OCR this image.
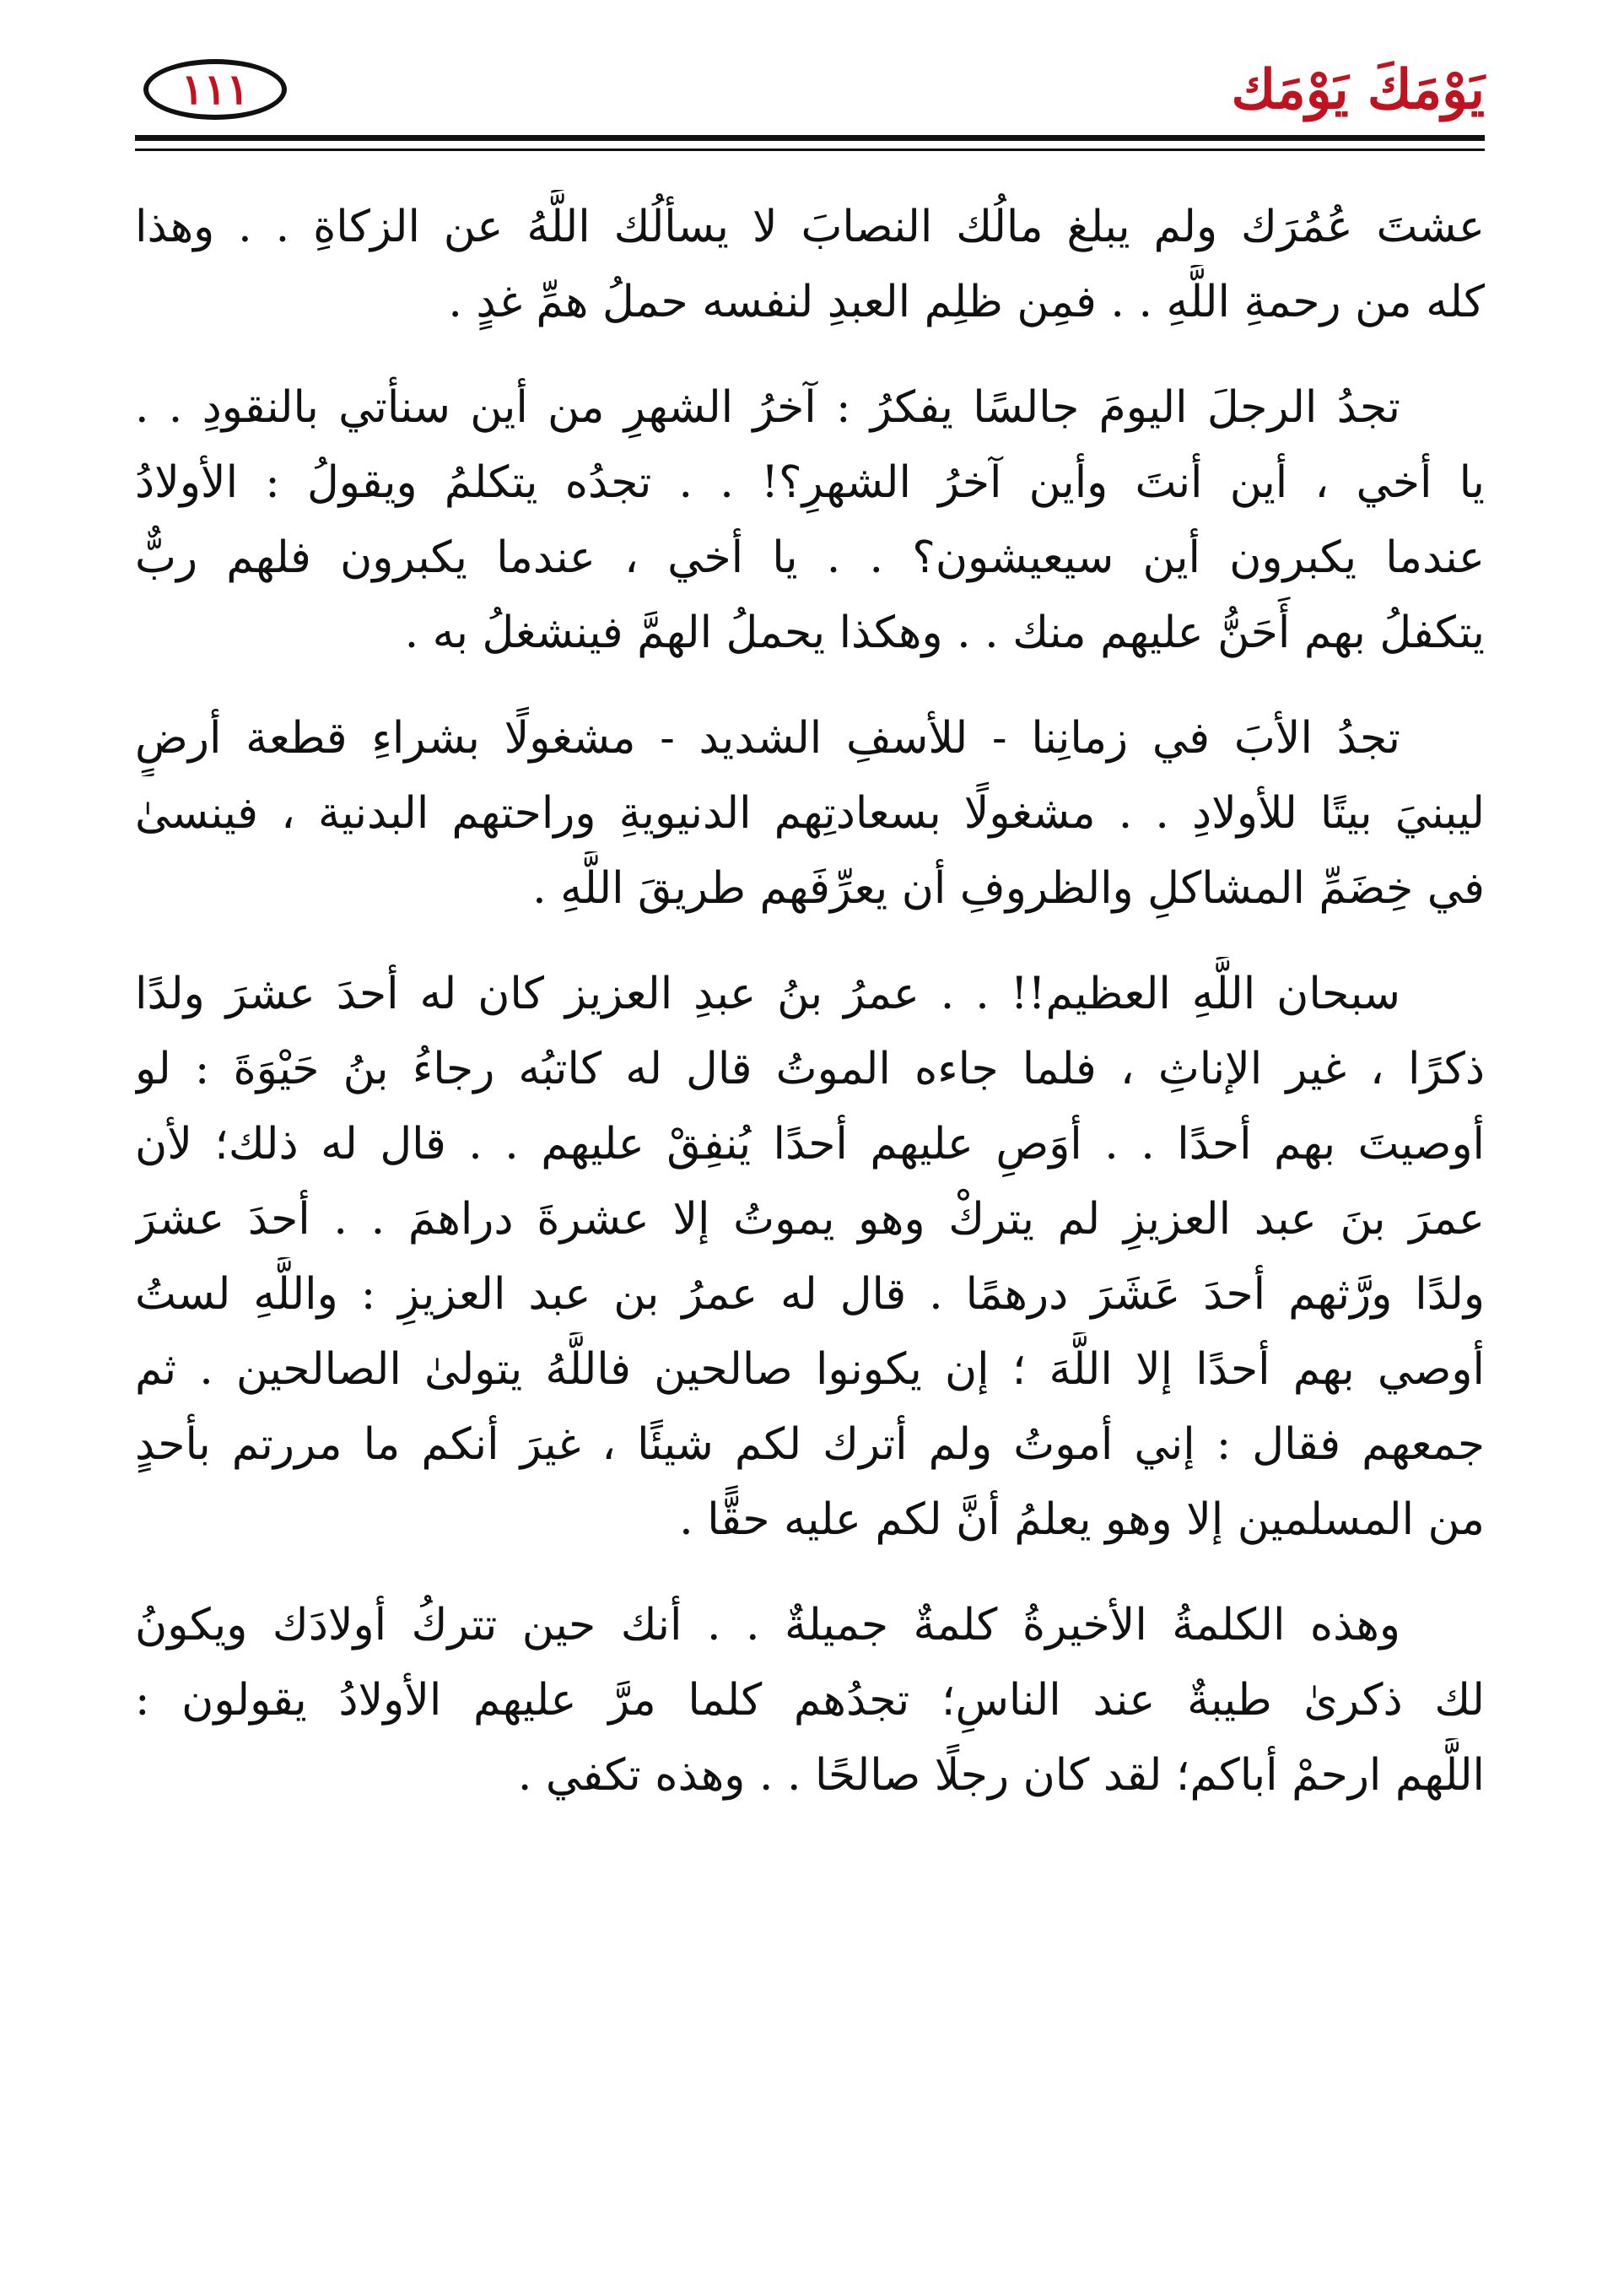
يَوْمَكَ يَوْمَك
١١١

عشتَ عُمُرَك ولم يبلغ مالُك النصابَ لا يسألُك اللَّهُ عن الزكاةِ . . وهذا
كله من رحمةِ اللَّهِ . . فمِن ظلِم العبدِ لنفسه حملُ همِّ غدٍ .

تجدُ الرجلَ اليومَ جالسًا يفكرُ : آخرُ الشهرِ من أين سنأتي بالنقودِ . .
يا أخي ، أين أنتَ وأين آخرُ الشهرِ؟! . . تجدُه يتكلمُ ويقولُ : الأولادُ
عندما يكبرون أين سيعيشون؟ . . يا أخي ، عندما يكبرون فلهم ربٌّ
يتكفلُ بهم أَحَنُّ عليهم منك . . وهكذا يحملُ الهمَّ فينشغلُ به .

تجدُ الأبَ في زمانِنا - للأسفِ الشديد - مشغولًا بشراءِ قطعة أرضٍ
ليبنيَ بيتًا للأولادِ . . مشغولًا بسعادتِهم الدنيويةِ وراحتهم البدنية ، فينسىٰ
في خِضَمِّ المشاكلِ والظروفِ أن يعرِّفَهم طريقَ اللَّهِ .

سبحان اللَّهِ العظيم!! . . عمرُ بنُ عبدِ العزيز كان له أحدَ عشرَ ولدًا
ذكرًا ، غير الإناثِ ، فلما جاءه الموتُ قال له كاتبُه رجاءُ بنُ حَيْوَةَ : لو
أوصيتَ بهم أحدًا . . أوَصِ عليهم أحدًا يُنفِقْ عليهم . . قال له ذلك؛ لأن
عمرَ بنَ عبد العزيزِ لم يتركْ وهو يموتُ إلا عشرةَ دراهمَ . . أحدَ عشرَ
ولدًا ورَّثهم أحدَ عَشَرَ درهمًا . قال له عمرُ بن عبد العزيزِ : واللَّهِ لستُ
أوصي بهم أحدًا إلا اللَّهَ ؛ إن يكونوا صالحين فاللَّهُ يتولىٰ الصالحين . ثم
جمعهم فقال : إني أموتُ ولم أترك لكم شيئًا ، غيرَ أنكم ما مررتم بأحدٍ
من المسلمين إلا وهو يعلمُ أنَّ لكم عليه حقًّا .

وهذه الكلمةُ الأخيرةُ كلمةٌ جميلةٌ . . أنك حين تتركُ أولادَك ويكونُ
لك ذكرىٰ طيبةٌ عند الناسِ؛ تجدُهم كلما مرَّ عليهم الأولادُ يقولون :
اللَّهم ارحمْ أباكم؛ لقد كان رجلًا صالحًا . . وهذه تكفي .
